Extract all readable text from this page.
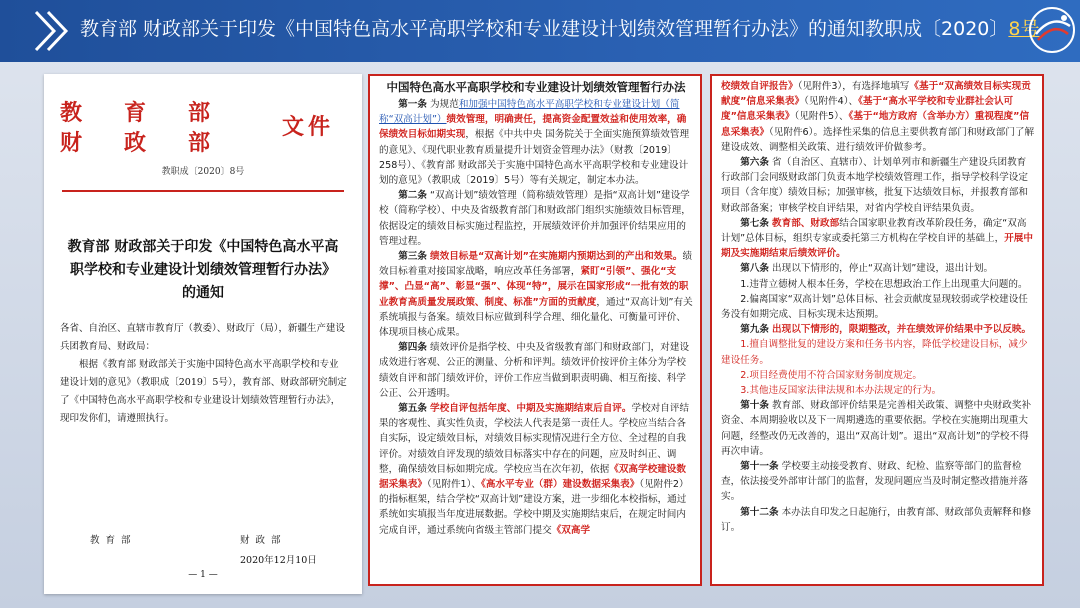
教育部 财政部关于印发《中国特色高水平高职学校和专业建设计划绩效管理暂行办法》的通知教职成〔2020〕8号
教育部
财政部
文件
教职成〔2020〕8号
教育部 财政部关于印发《中国特色高水平高职学校和专业建设计划绩效管理暂行办法》的通知

各省、自治区、直辖市教育厅（教委）、财政厅（局），新疆生产建设兵团教育局、财政局：

根据《教育部 财政部关于实施中国特色高水平高职学校和专业建设计划的意见》（教职成〔2019〕5号），教育部、财政部研究制定了《中国特色高水平高职学校和专业建设计划绩效管理暂行办法》，现印发你们，请遵照执行。

教育部	财政部
2020年12月10日
— 1 —
中国特色高水平高职学校和专业建设计划绩效管理暂行办法

第一条 为规范和加强中国特色高水平高职学校和专业建设计划（简称“双高计划”）绩效管理，明确责任，提高资金配置效益和使用效率，确保绩效目标如期实现，根据《中共中央 国务院关于全面实施预算绩效管理的意见》、《现代职业教育质量提升计划资金管理办法》（财教〔2019〕258号）、《教育部 财政部关于实施中国特色高水平高职学校和专业建设计划的意见》（教职成〔2019〕5号）等有关规定，制定本办法。

第二条 “双高计划”绩效管理（简称绩效管理）是指“双高计划”建设学校（简称学校）、中央及省级教育部门和财政部门组织实施绩效目标管理，依据设定的绩效目标实施过程监控，开展绩效评价并加强评价结果应用的管理过程。

第三条 绩效目标是“双高计划”在实施期内预期达到的产出和效果。绩效目标着重对接国家战略，响应改革任务部署，紧盯“引领”、强化“支撑”、凸显“高”、彰显“强”、体现“特”，展示在国家形成“一批有效的职业教育高质量发展政策、制度、标准”方面的贡献度，通过“双高计划”有关系统填报与备案。绩效目标应做到科学合理、细化量化、可衡量可评价、体现项目核心成果。

第四条 绩效评价是指学校、中央及省级教育部门和财政部门，对建设成效进行客观、公正的测量、分析和评判。绩效评价按评价主体分为学校绩效自评和部门绩效评价，评价工作应当做到职责明确、相互衔接、科学公正、公开透明。

第五条 学校自评包括年度、中期及实施期结束后自评。学校对自评结果的客观性、真实性负责，学校法人代表是第一责任人。学校应当结合各自实际，设定绩效目标，对绩效目标实现情况进行全方位、全过程的自我评价。对绩效自评发现的绩效目标落实中存在的问题，应及时纠正、调整，确保绩效目标如期完成。学校应当在次年初，依据《双高学校建设数据采集表》（见附件1）、《高水平专业（群）建设数据采集表》（见附件2）的指标框架，结合学校“双高计划”建设方案，进一步细化本校指标，通过系统如实填报当年度进展数据。学校中期及实施期结束后，在规定时间内完成自评，通过系统向省级主管部门提交《双高学

校绩效自评报告》（见附件3），有选择地填写《基于“双高绩效目标实现贡献度”信息采集表》（见附件4）、《基于“高水平学校和专业群社会认可度”信息采集表》（见附件5）、《基于“地方政府（含举办方）重视程度”信息采集表》（见附件6）。选择性采集的信息主要供教育部门和财政部门了解建设成效、调整相关政策、进行绩效评价做参考。

第六条 省（自治区、直辖市）、计划单列市和新疆生产建设兵团教育行政部门会同级财政部门负责本地学校绩效管理工作，指导学校科学设定项目（含年度）绩效目标；加强审核，批复下达绩效目标，并报教育部和财政部备案；审核学校自评结果，对省内学校自评结果负责。

第七条 教育部、财政部结合国家职业教育改革阶段任务，确定“双高计划”总体目标，组织专家或委托第三方机构在学校自评的基础上，开展中期及实施期结束后绩效评价。

第八条 出现以下情形的，停止“双高计划”建设，退出计划。

1.违背立德树人根本任务，学校在思想政治工作上出现重大问题的。

2.偏离国家“双高计划”总体目标、社会贡献度显现较弱或学校建设任务没有如期完成、目标实现未达预期。

第九条 出现以下情形的，限期整改，并在绩效评价结果中予以反映。

1.擅自调整批复的建设方案和任务书内容，降低学校建设目标，减少建设任务。

2.项目经费使用不符合国家财务制度规定。

3.其他违反国家法律法规和本办法规定的行为。

第十条 教育部、财政部评价结果是完善相关政策、调整中央财政奖补资金、本周期验收以及下一周期遴选的重要依据。学校在实施期出现重大问题，经整改仍无改善的，退出“双高计划”。退出“双高计划”的学校不得再次申请。

第十一条 学校要主动接受教育、财政、纪检、监察等部门的监督检查，依法接受外部审计部门的监督，发现问题应当及时制定整改措施并落实。

第十二条 本办法自印发之日起施行，由教育部、财政部负责解释和修订。
